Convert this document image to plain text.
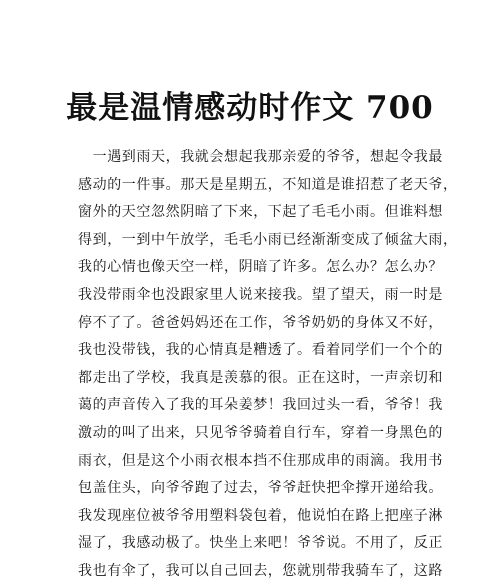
最是温情感动时作文 700
　一遇到雨天，我就会想起我那亲爱的爷爷，想起令我最
感动的一件事。那天是星期五，不知道是谁招惹了老天爷，
窗外的天空忽然阴暗了下来，下起了毛毛小雨。但谁料想
得到，一到中午放学，毛毛小雨已经渐渐变成了倾盆大雨，
我的心情也像天空一样，阴暗了许多。怎么办？怎么办？
我没带雨伞也没跟家里人说来接我。望了望天，雨一时是
停不了了。爸爸妈妈还在工作，爷爷奶奶的身体又不好，
我也没带钱，我的心情真是糟透了。看着同学们一个个的
都走出了学校，我真是羡慕的很。正在这时，一声亲切和
蔼的声音传入了我的耳朵姜梦！我回过头一看，爷爷！我
激动的叫了出来，只见爷爷骑着自行车，穿着一身黑色的
雨衣，但是这个小雨衣根本挡不住那成串的雨滴。我用书
包盖住头，向爷爷跑了过去，爷爷赶快把伞撑开递给我。
我发现座位被爷爷用塑料袋包着，他说怕在路上把座子淋
湿了，我感动极了。快坐上来吧！爷爷说。不用了，反正
我也有伞了，我可以自己回去，您就別带我骑车了，这路
